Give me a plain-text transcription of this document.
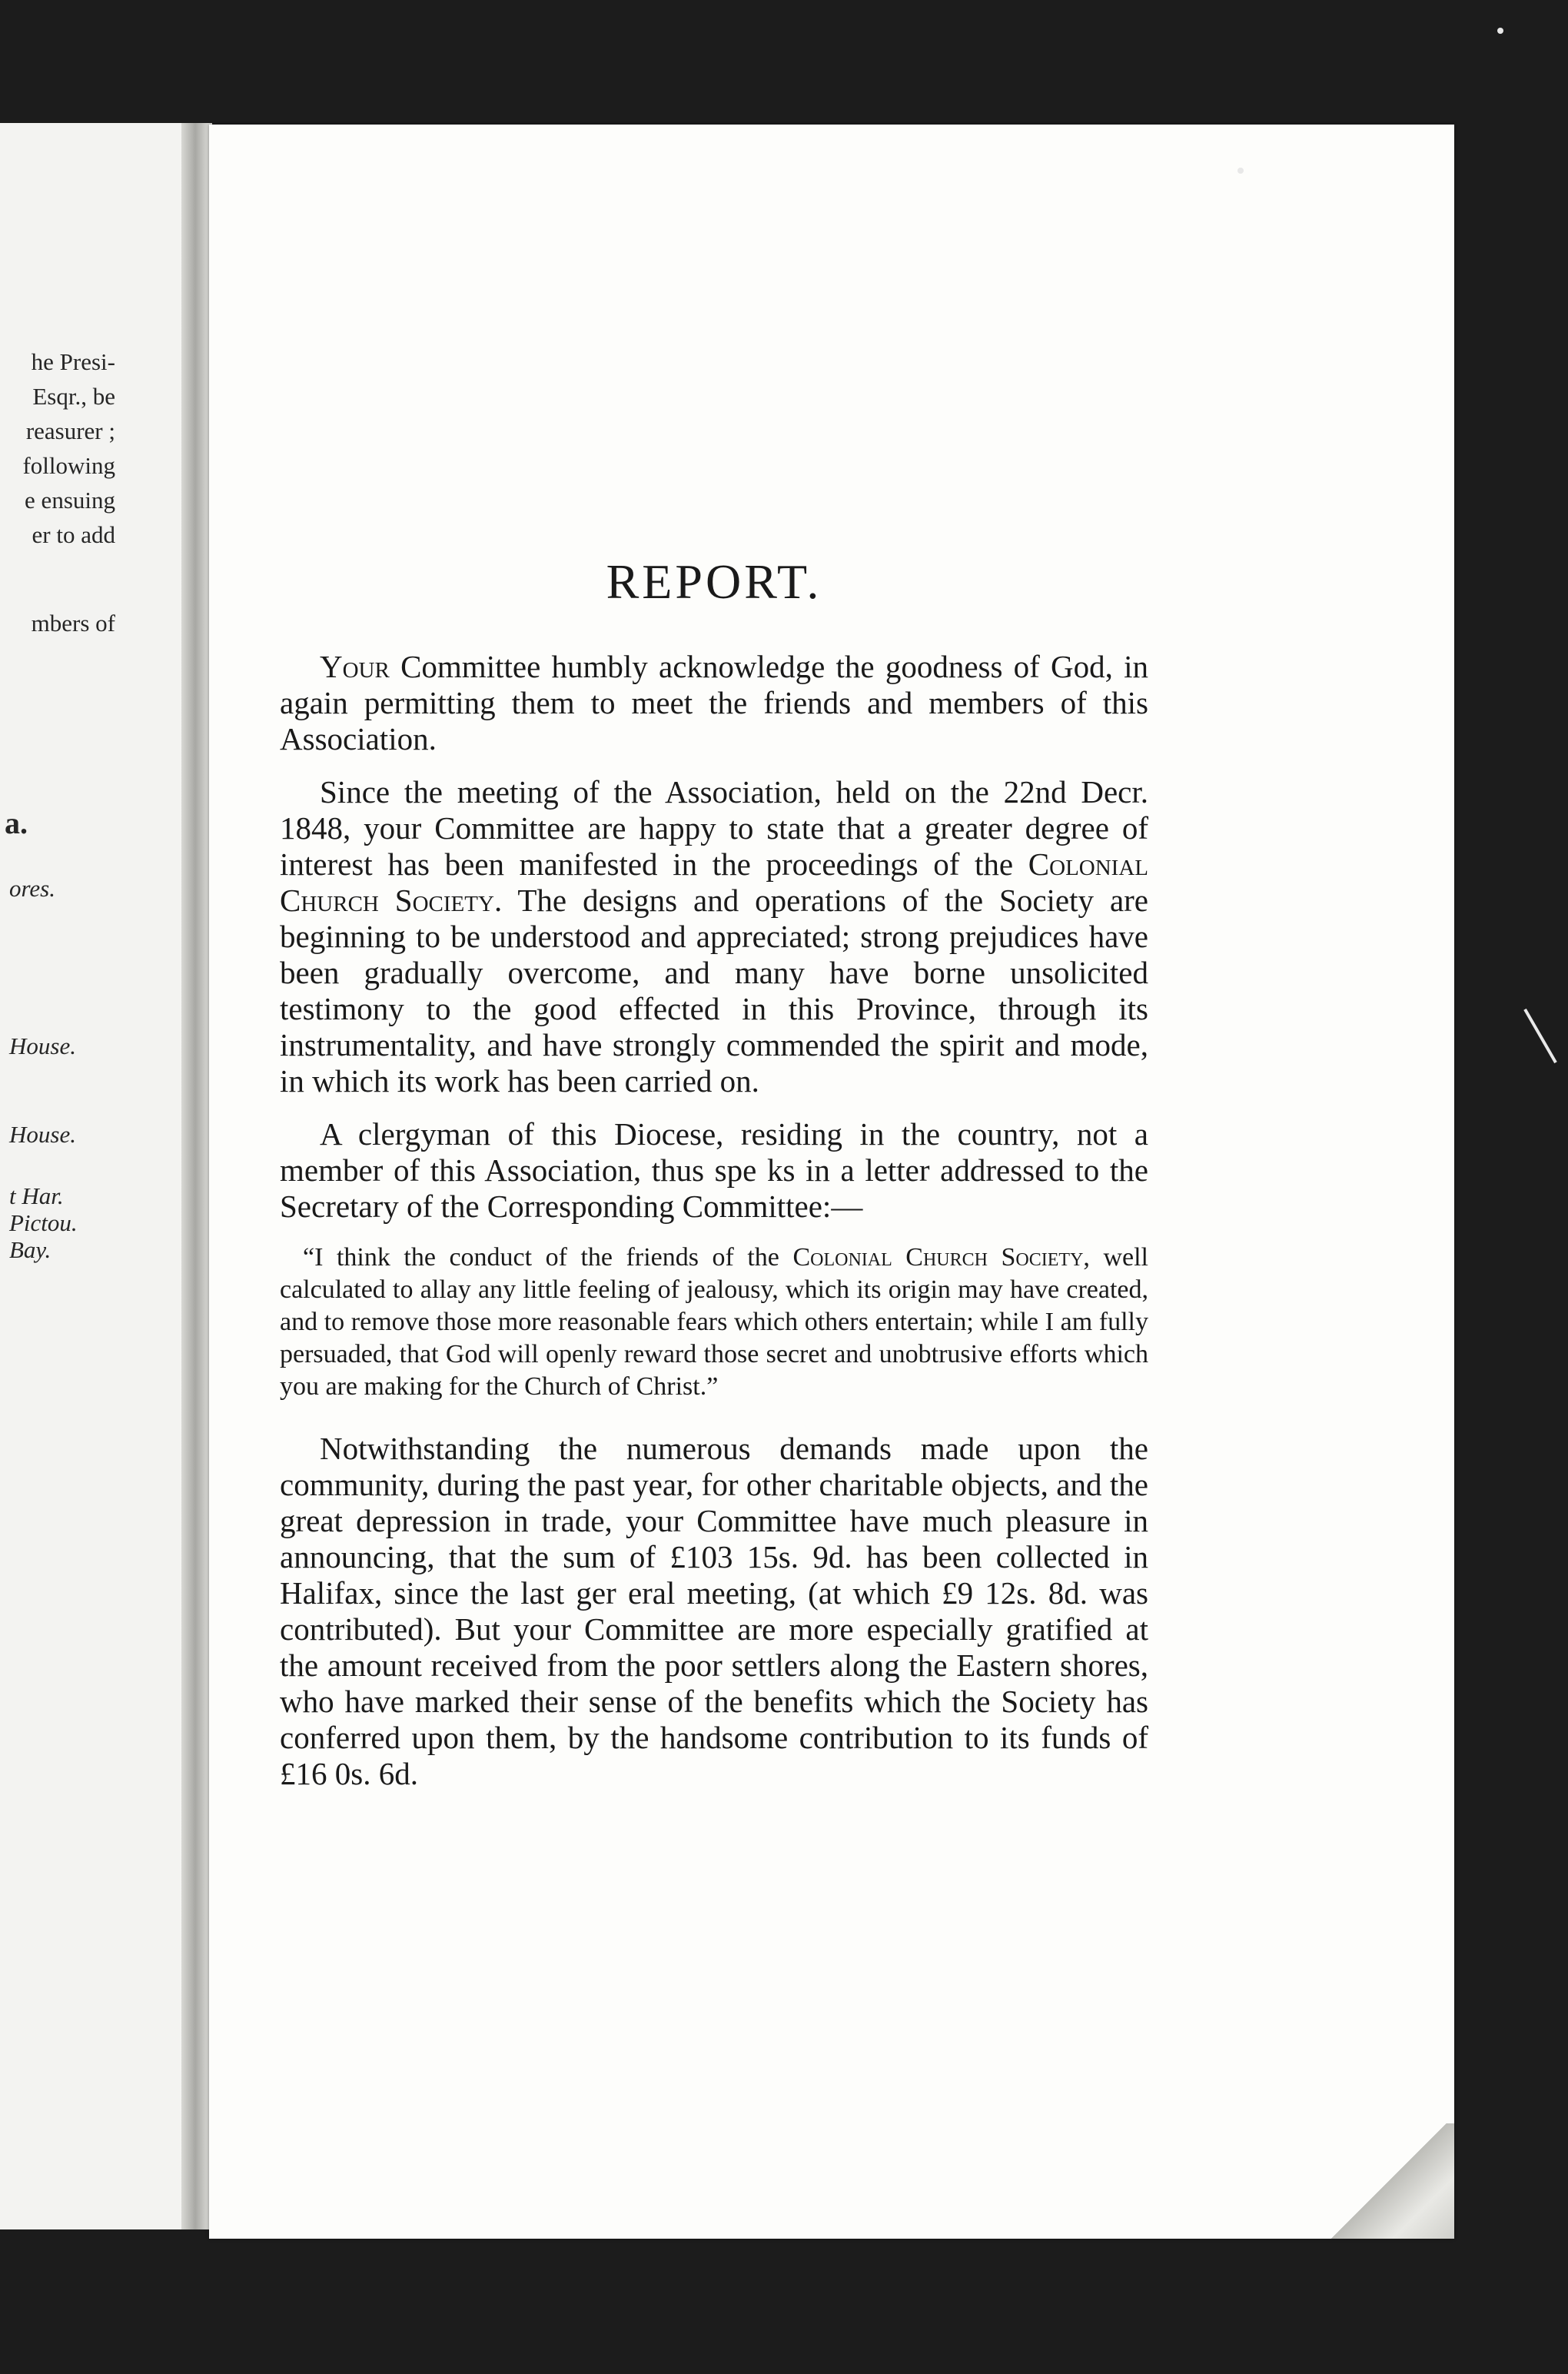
he Presi-
Esqr., be
reasurer ;
following
e ensuing
er to add
mbers of
a.
ores.
House.
House.
t Har.
Pictou.
Bay.
REPORT.

Your Committee humbly acknowledge the goodness of God, in again permitting them to meet the friends and members of this Association.

Since the meeting of the Association, held on the 22nd Decr. 1848, your Committee are happy to state that a greater degree of interest has been manifested in the proceedings of the Colonial Church Society. The designs and operations of the Society are beginning to be understood and appreciated; strong prejudices have been gradually overcome, and many have borne unsolicited testimony to the good effected in this Province, through its instrumentality, and have strongly commended the spirit and mode, in which its work has been carried on.

A clergyman of this Diocese, residing in the country, not a member of this Association, thus spe ks in a letter addressed to the Secretary of the Corresponding Committee:—

“I think the conduct of the friends of the Colonial Church Society, well calculated to allay any little feeling of jealousy, which its origin may have created, and to remove those more reasonable fears which others entertain; while I am fully persuaded, that God will openly reward those secret and unobtrusive efforts which you are making for the Church of Christ.”

Notwithstanding the numerous demands made upon the community, during the past year, for other charitable objects, and the great depression in trade, your Committee have much pleasure in announcing, that the sum of £103 15s. 9d. has been collected in Halifax, since the last ger eral meeting, (at which £9 12s. 8d. was contributed). But your Committee are more especially gratified at the amount received from the poor settlers along the Eastern shores, who have marked their sense of the benefits which the Society has conferred upon them, by the handsome contribution to its funds of £16 0s. 6d.
